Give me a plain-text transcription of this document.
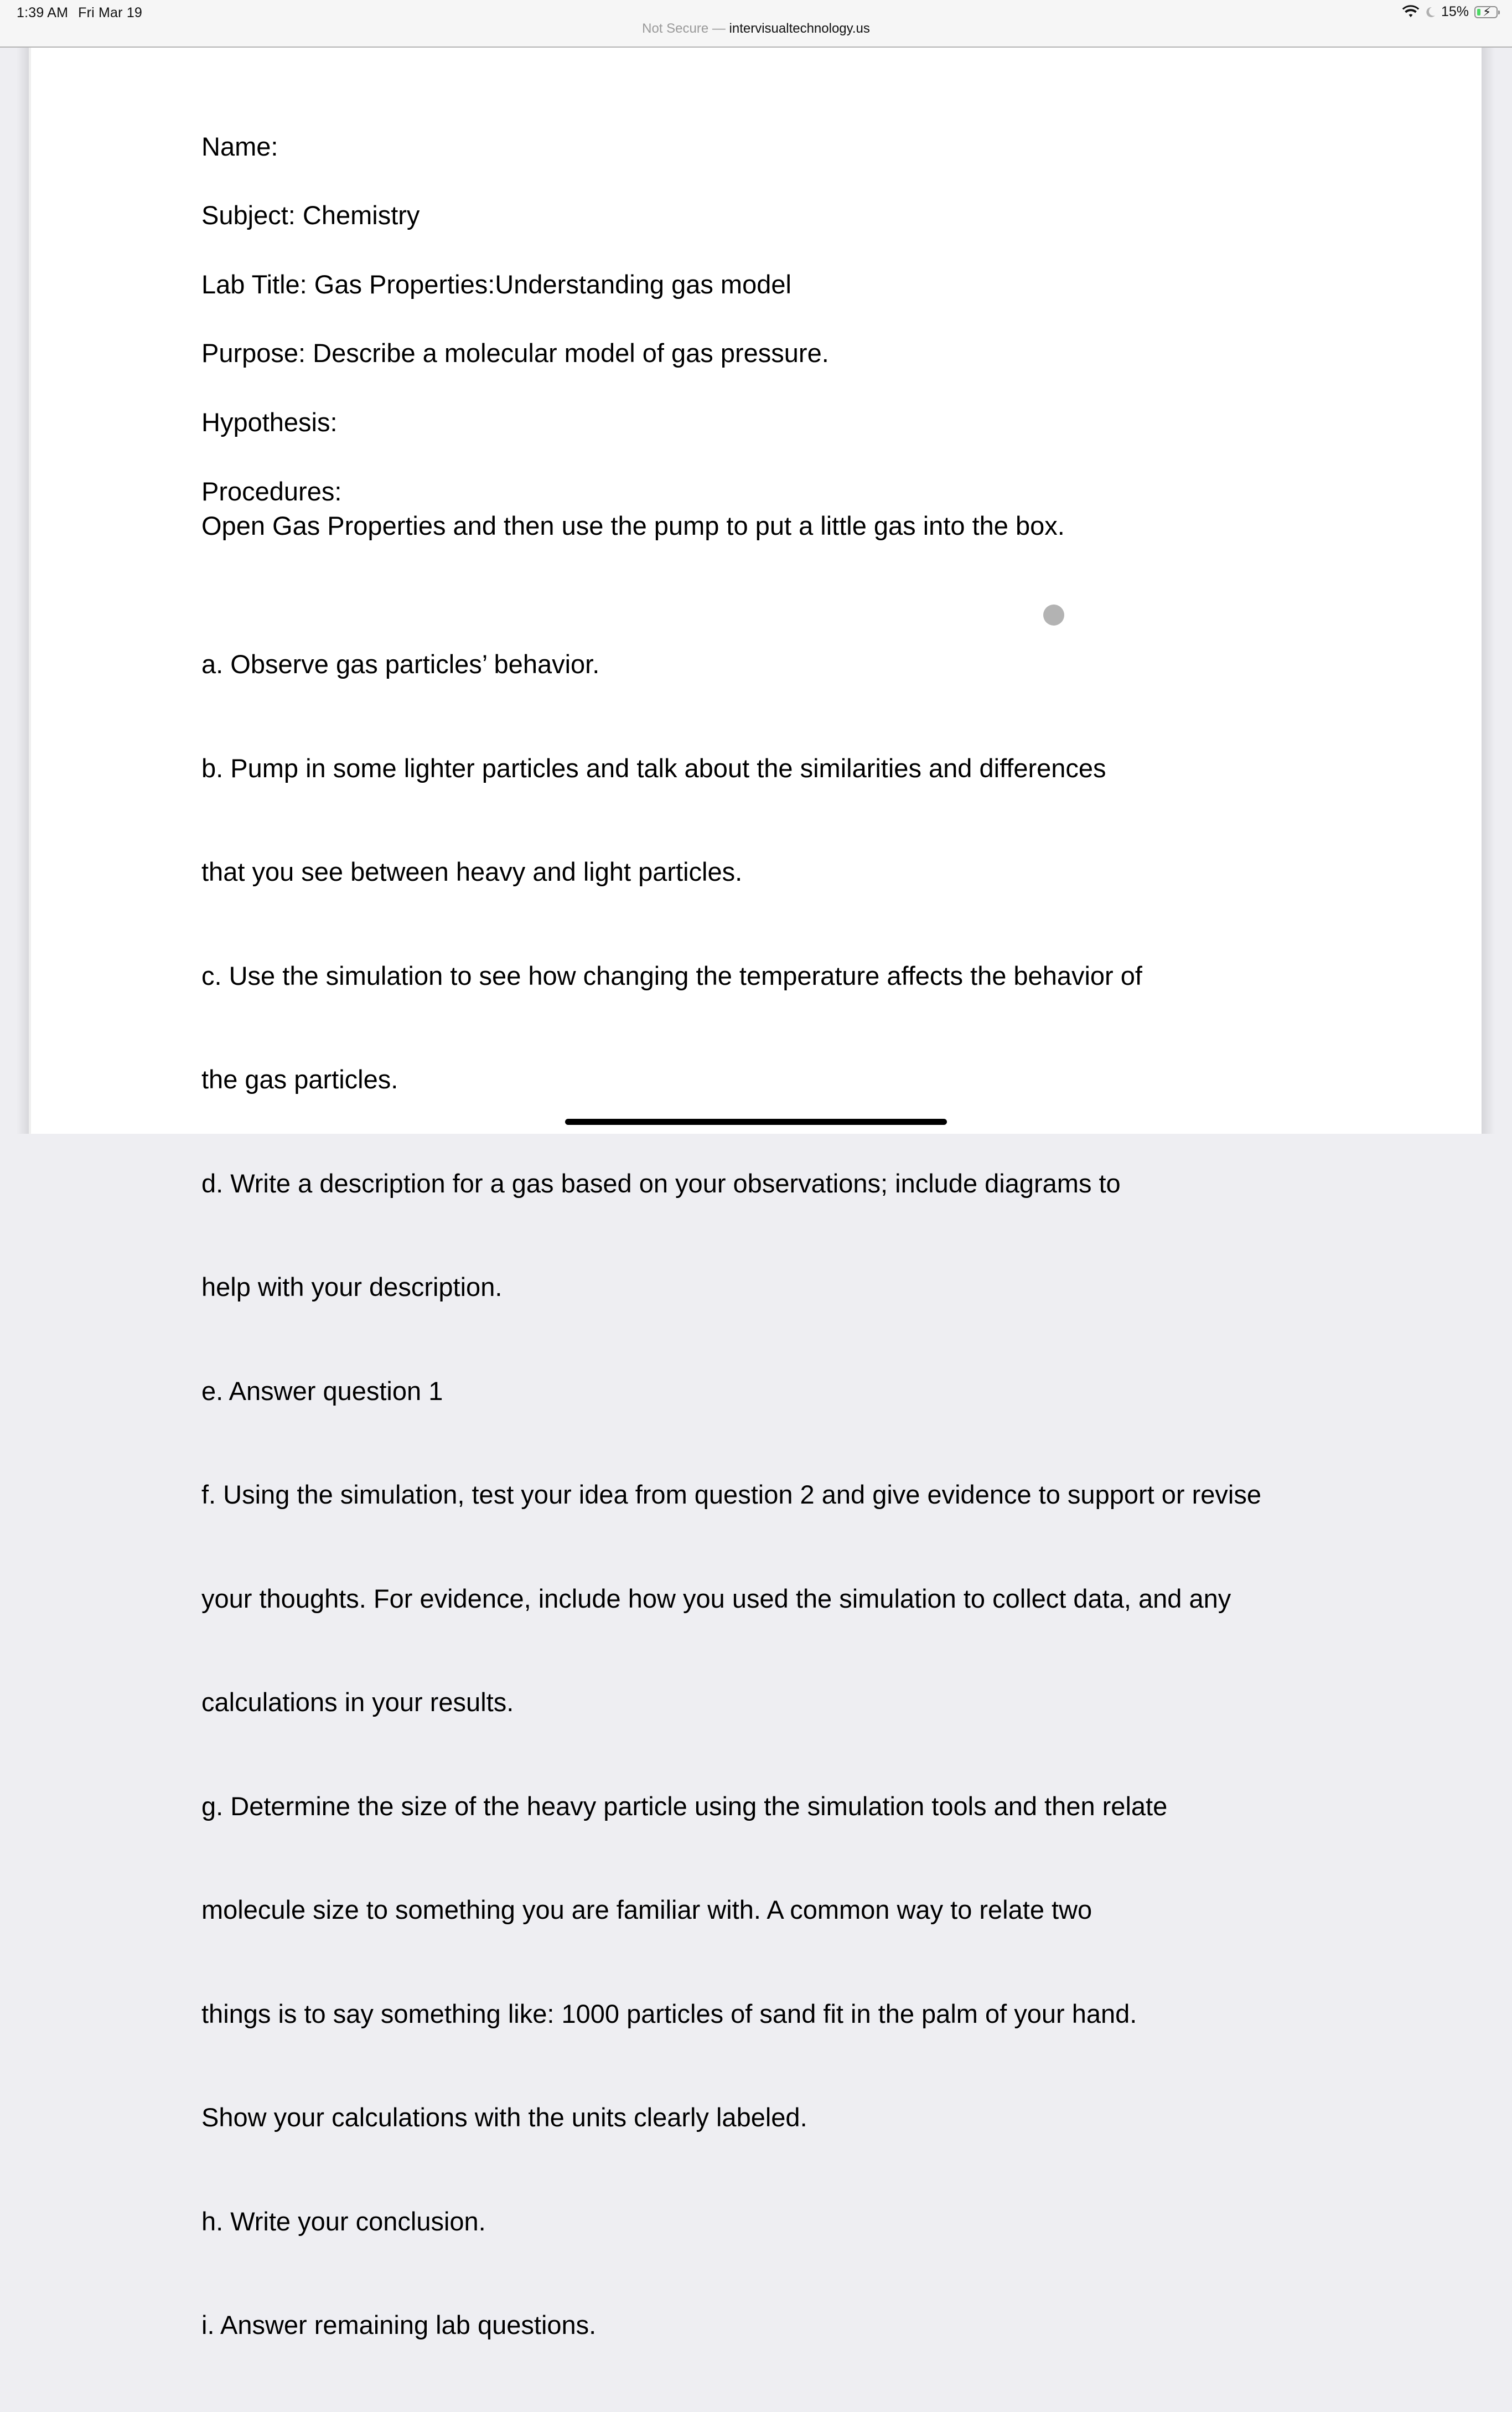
1:39 AM Fri Mar 19
Not Secure — intervisualtechnology.us
15% ⚡︎

Name:

Subject: Chemistry

Lab Title: Gas Properties:Understanding gas model

Purpose: Describe a molecular model of gas pressure.

Hypothesis:

Procedures:

Open Gas Properties and then use the pump to put a little gas into the box.

a. Observe gas particles’ behavior.

b. Pump in some lighter particles and talk about the similarities and differences

that you see between heavy and light particles.

c. Use the simulation to see how changing the temperature affects the behavior of

the gas particles.

d. Write a description for a gas based on your observations; include diagrams to

help with your description.

e. Answer question 1

f. Using the simulation, test your idea from question 2 and give evidence to support or revise

your thoughts. For evidence, include how you used the simulation to collect data, and any

calculations in your results.

g. Determine the size of the heavy particle using the simulation tools and then relate

molecule size to something you are familiar with. A common way to relate two

things is to say something like: 1000 particles of sand fit in the palm of your hand.

Show your calculations with the units clearly labeled.

h. Write your conclusion.

i. Answer remaining lab questions.
